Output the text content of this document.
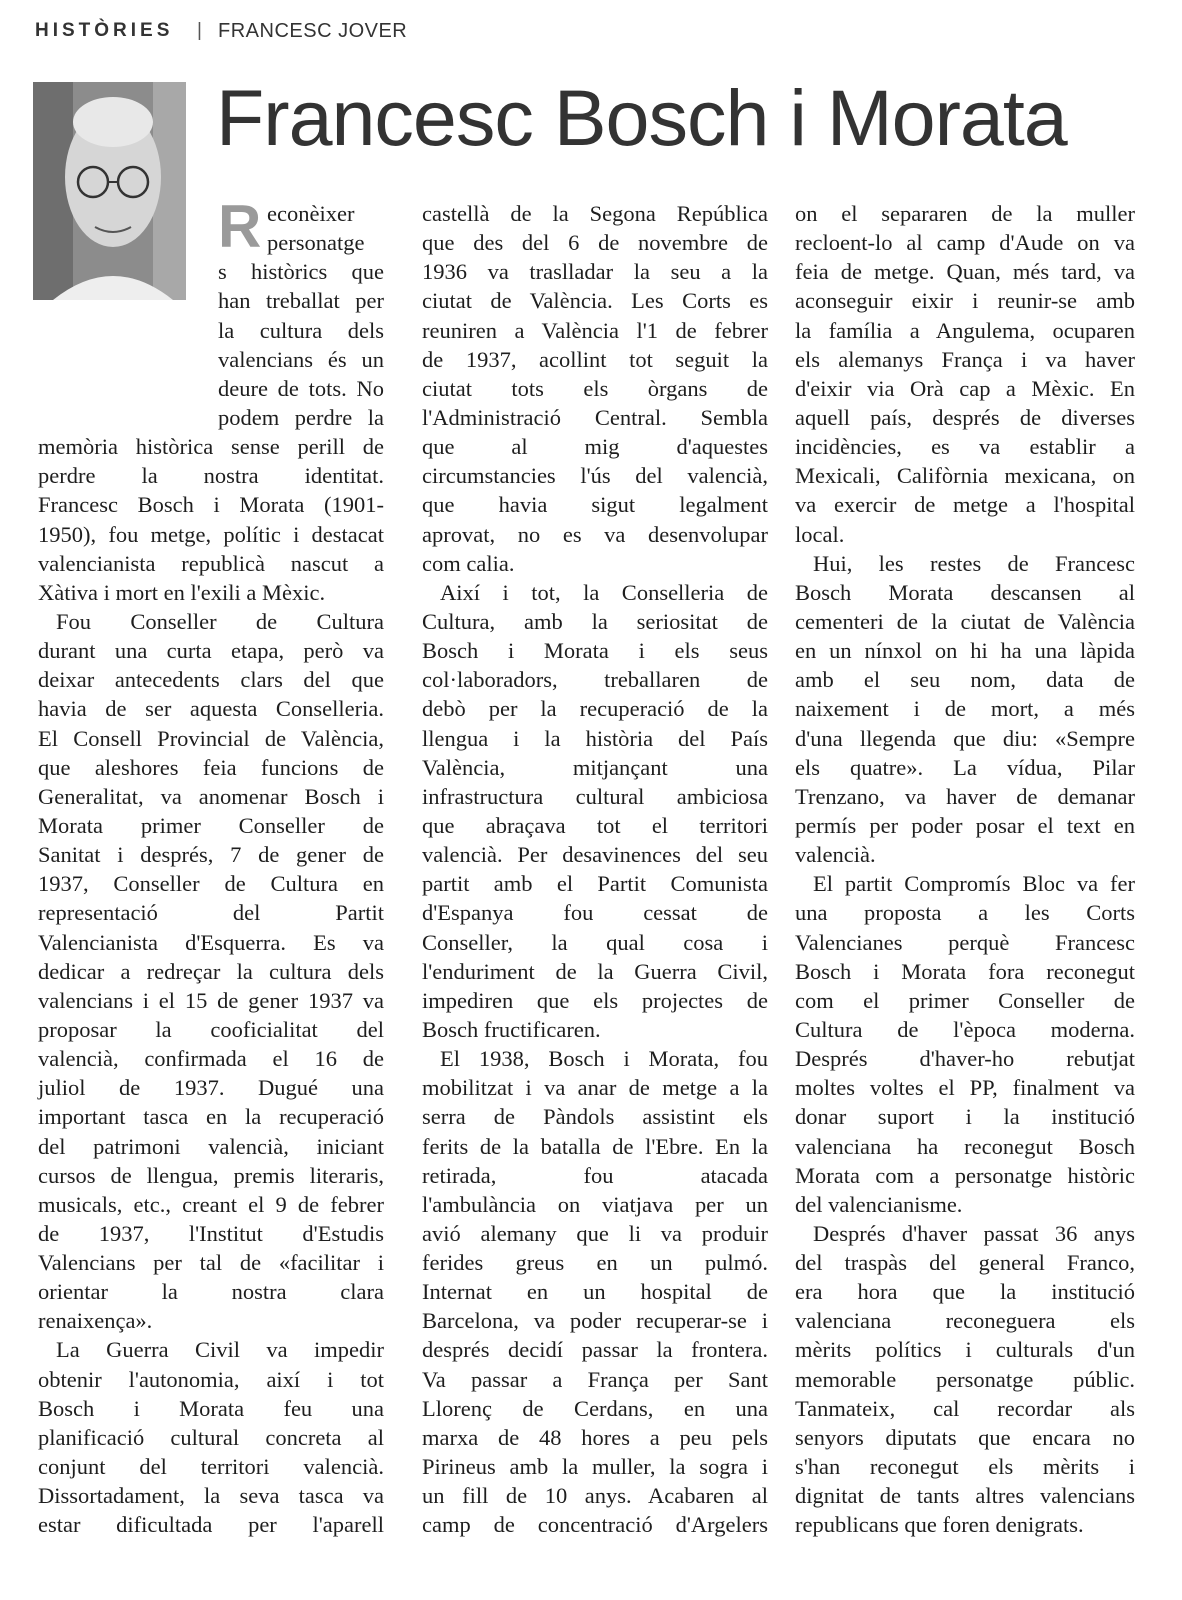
HISTÒRIES | FRANCESC JOVER
Francesc Bosch i Morata
R econèixer
personatge
s històrics que
han treballat per
la cultura dels
valencians és un
deure de tots. No
podem perdre la
memòria històrica sense perill de
perdre la nostra identitat.
Francesc Bosch i Morata (1901-
1950), fou metge, polític i destacat
valencianista republicà nascut a
Xàtiva i mort en l'exili a Mèxic.
Fou Conseller de Cultura
durant una curta etapa, però va
deixar antecedents clars del que
havia de ser aquesta Conselleria.
El Consell Provincial de València,
que aleshores feia funcions de
Generalitat, va anomenar Bosch i
Morata primer Conseller de
Sanitat i després, 7 de gener de
1937, Conseller de Cultura en
representació del Partit
Valencianista d'Esquerra. Es va
dedicar a redreçar la cultura dels
valencians i el 15 de gener 1937 va
proposar la cooficialitat del
valencià, confirmada el 16 de
juliol de 1937. Dugué una
important tasca en la recuperació
del patrimoni valencià, iniciant
cursos de llengua, premis literaris,
musicals, etc., creant el 9 de febrer
de 1937, l'Institut d'Estudis
Valencians per tal de «facilitar i
orientar la nostra clara
renaixença».
La Guerra Civil va impedir
obtenir l'autonomia, així i tot
Bosch i Morata feu una
planificació cultural concreta al
conjunt del territori valencià.
Dissortadament, la seva tasca va
estar dificultada per l'aparell
castellà de la Segona República
que des del 6 de novembre de
1936 va traslladar la seu a la
ciutat de València. Les Corts es
reuniren a València l'1 de febrer
de 1937, acollint tot seguit la
ciutat tots els òrgans de
l'Administració Central. Sembla
que al mig d'aquestes
circumstancies l'ús del valencià,
que havia sigut legalment
aprovat, no es va desenvolupar
com calia.
Així i tot, la Conselleria de
Cultura, amb la seriositat de
Bosch i Morata i els seus
col·laboradors, treballaren de
debò per la recuperació de la
llengua i la història del País
València, mitjançant una
infrastructura cultural ambiciosa
que abraçava tot el territori
valencià. Per desavinences del seu
partit amb el Partit Comunista
d'Espanya fou cessat de
Conseller, la qual cosa i
l'enduriment de la Guerra Civil,
impediren que els projectes de
Bosch fructificaren.
El 1938, Bosch i Morata, fou
mobilitzat i va anar de metge a la
serra de Pàndols assistint els
ferits de la batalla de l'Ebre. En la
retirada, fou atacada
l'ambulància on viatjava per un
avió alemany que li va produir
ferides greus en un pulmó.
Internat en un hospital de
Barcelona, va poder recuperar-se i
després decidí passar la frontera.
Va passar a França per Sant
Llorenç de Cerdans, en una
marxa de 48 hores a peu pels
Pirineus amb la muller, la sogra i
un fill de 10 anys. Acabaren al
camp de concentració d'Argelers
on el separaren de la muller
recloent-lo al camp d'Aude on va
feia de metge. Quan, més tard, va
aconseguir eixir i reunir-se amb
la família a Angulema, ocuparen
els alemanys França i va haver
d'eixir via Orà cap a Mèxic. En
aquell país, després de diverses
incidències, es va establir a
Mexicali, Califòrnia mexicana, on
va exercir de metge a l'hospital
local.
Hui, les restes de Francesc
Bosch Morata descansen al
cementeri de la ciutat de València
en un nínxol on hi ha una làpida
amb el seu nom, data de
naixement i de mort, a més
d'una llegenda que diu: «Sempre
els quatre». La vídua, Pilar
Trenzano, va haver de demanar
permís per poder posar el text en
valencià.
El partit Compromís Bloc va fer
una proposta a les Corts
Valencianes perquè Francesc
Bosch i Morata fora reconegut
com el primer Conseller de
Cultura de l'època moderna.
Després d'haver-ho rebutjat
moltes voltes el PP, finalment va
donar suport i la institució
valenciana ha reconegut Bosch
Morata com a personatge històric
del valencianisme.
Després d'haver passat 36 anys
del traspàs del general Franco,
era hora que la institució
valenciana reconeguera els
mèrits polítics i culturals d'un
memorable personatge públic.
Tanmateix, cal recordar als
senyors diputats que encara no
s'han reconegut els mèrits i
dignitat de tants altres valencians
republicans que foren denigrats.
